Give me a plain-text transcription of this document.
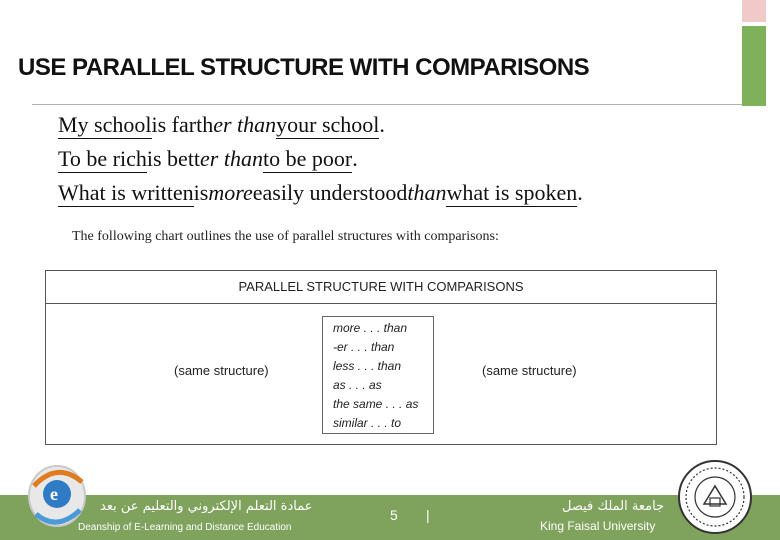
USE PARALLEL STRUCTURE WITH COMPARISONS
My schoolis farther thanyour school.
To be richis better thanto be poor.
What is writtenismoreeasily understoodthanwhat is spoken.
The following chart outlines the use of parallel structures with comparisons:
PARALLEL STRUCTURE WITH COMPARISONS
(same structure)
more . . . than
-er . . . than
less . . . than
as . . . as
the same . . . as
similar . . . to
(same structure)
عمادة التعلم الإلكتروني والتعليم عن بعد
Deanship of E-Learning and Distance Education
5 |
جامعة الملك فيصل
King Faisal University
e
